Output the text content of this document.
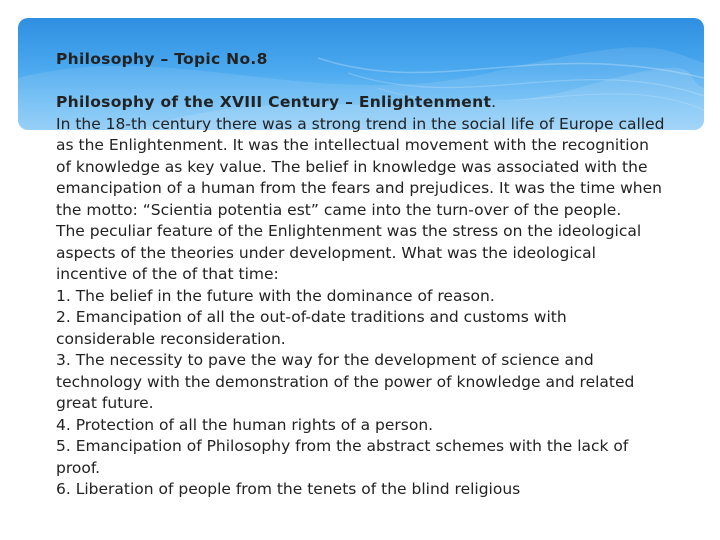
Philosophy – Topic No.8

Philosophy of the XVIII Century – Enlightenment.

In the 18-th century there was a strong trend in the social life of Europe called as the Enlightenment. It was the intellectual movement with the recognition of knowledge as key value. The belief in knowledge was associated with the emancipation of a human from the fears and prejudices. It was the time when the motto: “Scientia potentia est” came into the turn-over of the people.

The peculiar feature of the Enlightenment was the stress on the ideological aspects of the theories under development. What was the ideological incentive of the of that time:

1. The belief in the future with the dominance of reason.

2. Emancipation of all the out-of-date traditions and customs with considerable reconsideration.

3. The necessity to pave the way for the development of science and technology with the demonstration of the power of knowledge and related great future.

4. Protection of all the human rights of a person.

5. Emancipation of Philosophy from the abstract schemes with the lack of proof.

6. Liberation of people from the tenets of the blind religious
